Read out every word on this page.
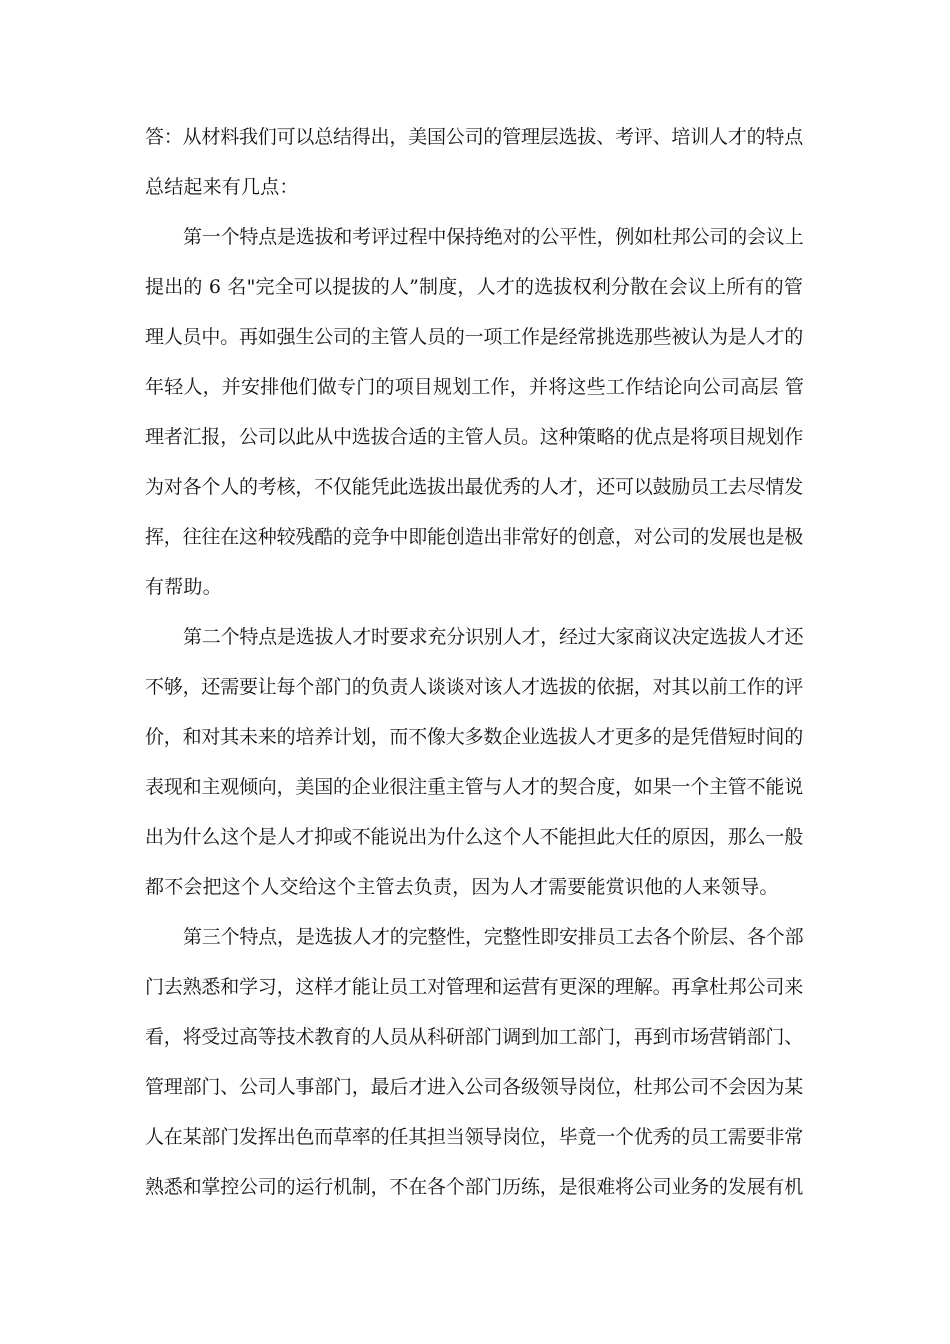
答：从材料我们可以总结得出，美国公司的管理层选拔、考评、培训人才的特点
总结起来有几点：
第一个特点是选拔和考评过程中保持绝对的公平性，例如杜邦公司的会议上
提出的 6 名"完全可以提拔的人”制度，人才的选拔权利分散在会议上所有的管
理人员中。再如强生公司的主管人员的一项工作是经常挑选那些被认为是人才的
年轻人，并安排他们做专门的项目规划工作，并将这些工作结论向公司高层 管
理者汇报，公司以此从中选拔合适的主管人员。这种策略的优点是将项目规划作
为对各个人的考核，不仅能凭此选拔出最优秀的人才，还可以鼓励员工去尽情发
挥，往往在这种较残酷的竞争中即能创造出非常好的创意，对公司的发展也是极
有帮助。
第二个特点是选拔人才时要求充分识别人才，经过大家商议决定选拔人才还
不够，还需要让每个部门的负责人谈谈对该人才选拔的依据，对其以前工作的评
价，和对其未来的培养计划，而不像大多数企业选拔人才更多的是凭借短时间的
表现和主观倾向，美国的企业很注重主管与人才的契合度，如果一个主管不能说
出为什么这个是人才抑或不能说出为什么这个人不能担此大任的原因，那么一般
都不会把这个人交给这个主管去负责，因为人才需要能赏识他的人来领导。
第三个特点，是选拔人才的完整性，完整性即安排员工去各个阶层、各个部
门去熟悉和学习，这样才能让员工对管理和运营有更深的理解。再拿杜邦公司来
看，将受过高等技术教育的人员从科研部门调到加工部门，再到市场营销部门、
管理部门、公司人事部门，最后才进入公司各级领导岗位，杜邦公司不会因为某
人在某部门发挥出色而草率的任其担当领导岗位，毕竟一个优秀的员工需要非常
熟悉和掌控公司的运行机制，不在各个部门历练，是很难将公司业务的发展有机
